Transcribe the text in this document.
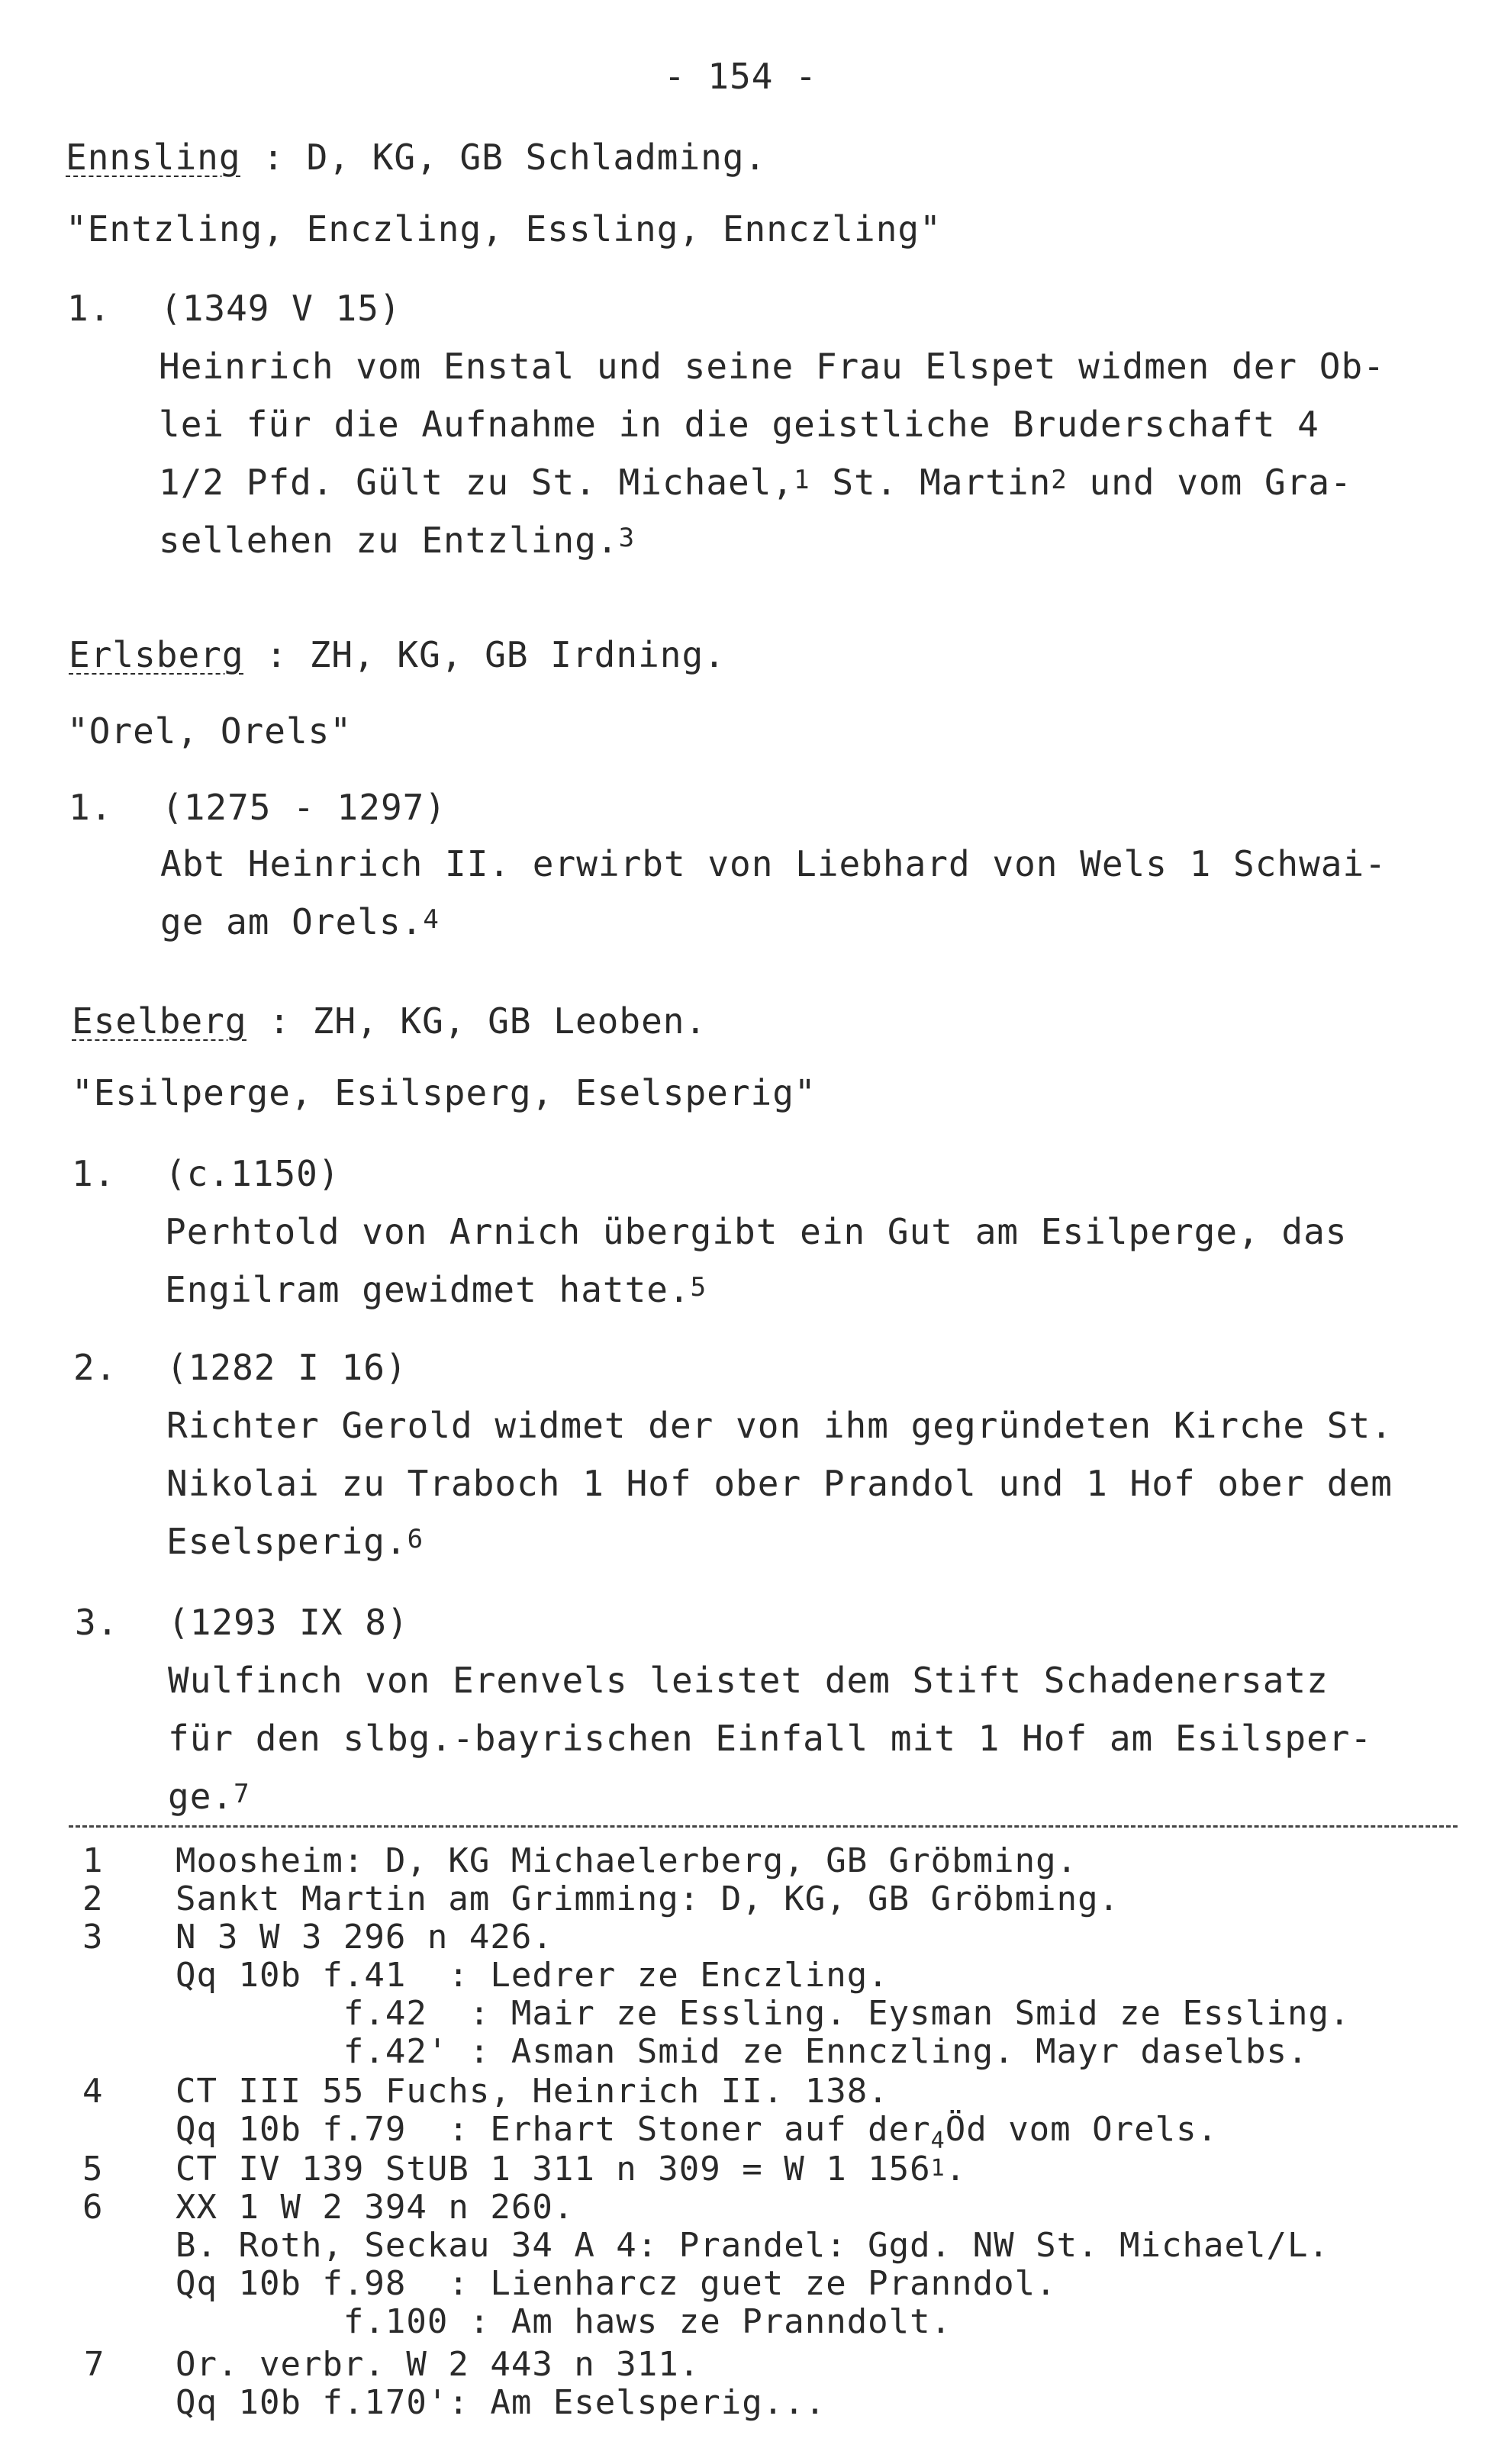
- 154 -
Ennsling : D, KG, GB Schladming.
"Entzling, Enczling, Essling, Ennczling"
1. (1349 V 15)
Heinrich vom Enstal und seine Frau Elspet widmen der Ob-
lei für die Aufnahme in die geistliche Bruderschaft 4
1/2 Pfd. Gült zu St. Michael,$^1$ St. Martin$^2$ und vom Gra-
sellehen zu Entzling.$^3$
Erlsberg : ZH, KG, GB Irdning.
"Orel, Orels"
1. (1275 - 1297)
Abt Heinrich II. erwirbt von Liebhard von Wels 1 Schwai-
ge am Orels.$^4$
Eselberg : ZH, KG, GB Leoben.
"Esilperge, Esilsperg, Eselsperig"
1. (c.1150)
Perhtold von Arnich übergibt ein Gut am Esilperge, das
Engilram gewidmet hatte.$^5$
2. (1282 I 16)
Richter Gerold widmet der von ihm gegründeten Kirche St.
Nikolai zu Traboch 1 Hof ober Prandol und 1 Hof ober dem
Eselsperig.$^6$
3. (1293 IX 8)
Wulfinch von Erenvels leistet dem Stift Schadenersatz
für den slbg.-bayrischen Einfall mit 1 Hof am Esilsper-
ge.$^7$
1 Moosheim: D, KG Michaelerberg, GB Gröbming.
2 Sankt Martin am Grimming: D, KG, GB Gröbming.
3 N 3 W 3 296 n 426.
Qq 10b f.41  : Ledrer ze Enczling.
f.42  : Mair ze Essling. Eysman Smid ze Essling.
f.42' : Asman Smid ze Ennczling. Mayr daselbs.
4 CT III 55 Fuchs, Heinrich II. 138.
Qq 10b f.79  : Erhart Stoner auf der$_4$Öd vom Orels.
5 CT IV 139 StUB 1 311 n 309 = W 1 $156^1$.
6 XX 1 W 2 394 n 260.
B. Roth, Seckau 34 A 4: Prandel: Ggd. NW St. Michael/L.
Qq 10b f.98  : Lienharcz guet ze Pranndol.
f.100 : Am haws ze Pranndolt.
7 Or. verbr. W 2 443 n 311.
Qq 10b f.170': Am Eselsperig...
